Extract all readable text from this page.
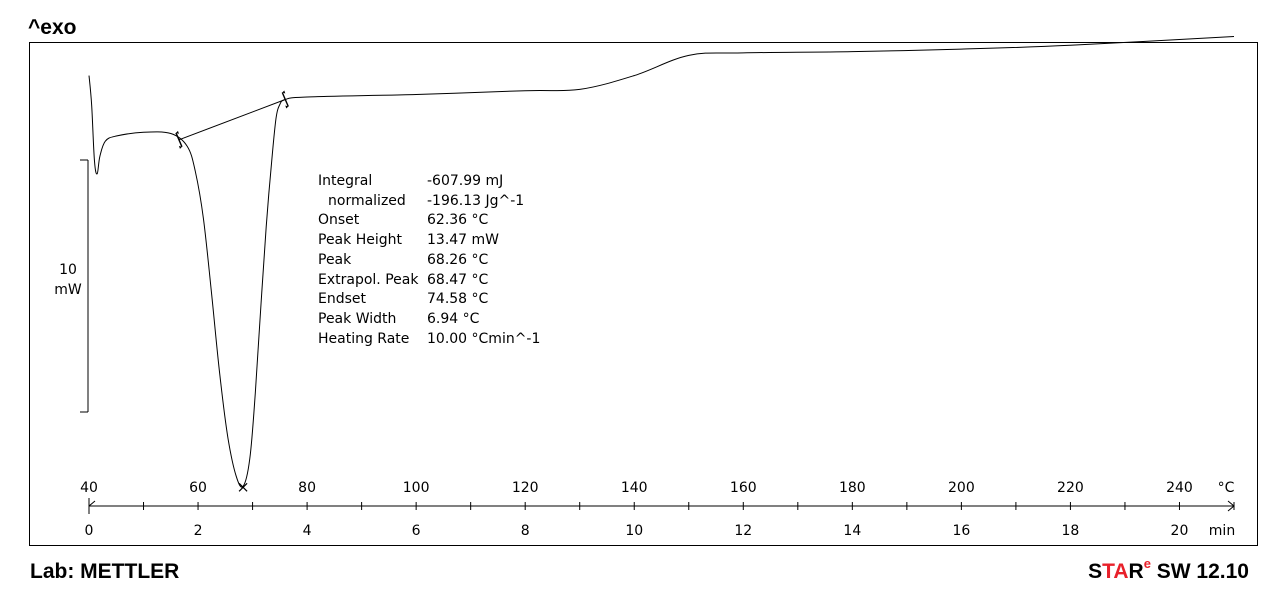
^exo
40	60	80	100	120	140	160	180	200	220	240 °C
0	2	4	6	8	10	12	14	16	18	20 min
10
mW
Integral	-607.99 mJ
normalized	-196.13 Jg^-1
Onset	62.36 °C
Peak Height	13.47 mW
Peak	68.26 °C
Extrapol. Peak	68.47 °C
Endset	74.58 °C
Peak Width	6.94 °C
Heating Rate	10.00 °Cmin^-1
Lab: METTLER	STAR$^e$ SW 12.10
